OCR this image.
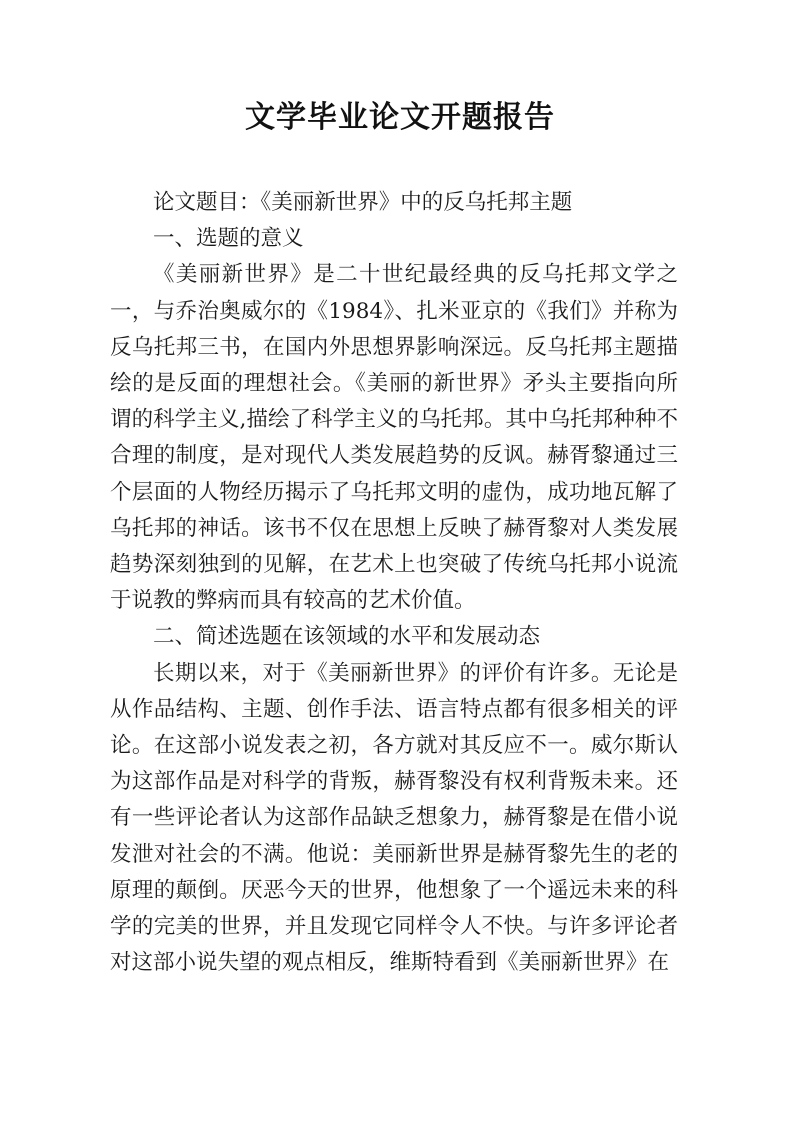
文学毕业论文开题报告

论文题目：《美丽新世界》中的反乌托邦主题

一、选题的意义

《美丽新世界》是二十世纪最经典的反乌托邦文学之一，与乔治奥威尔的《1984》、扎米亚京的《我们》并称为反乌托邦三书，在国内外思想界影响深远。反乌托邦主题描绘的是反面的理想社会。《美丽的新世界》矛头主要指向所谓的科学主义,描绘了科学主义的乌托邦。其中乌托邦种种不合理的制度，是对现代人类发展趋势的反讽。赫胥黎通过三个层面的人物经历揭示了乌托邦文明的虚伪，成功地瓦解了乌托邦的神话。该书不仅在思想上反映了赫胥黎对人类发展趋势深刻独到的见解，在艺术上也突破了传统乌托邦小说流于说教的弊病而具有较高的艺术价值。

二、简述选题在该领域的水平和发展动态

长期以来，对于《美丽新世界》的评价有许多。无论是从作品结构、主题、创作手法、语言特点都有很多相关的评论。在这部小说发表之初，各方就对其反应不一。威尔斯认为这部作品是对科学的背叛，赫胥黎没有权利背叛未来。还有一些评论者认为这部作品缺乏想象力，赫胥黎是在借小说发泄对社会的不满。他说：美丽新世界是赫胥黎先生的老的原理的颠倒。厌恶今天的世界，他想象了一个遥远未来的科学的完美的世界，并且发现它同样令人不快。与许多评论者对这部小说失望的观点相反，维斯特看到《美丽新世界》在
